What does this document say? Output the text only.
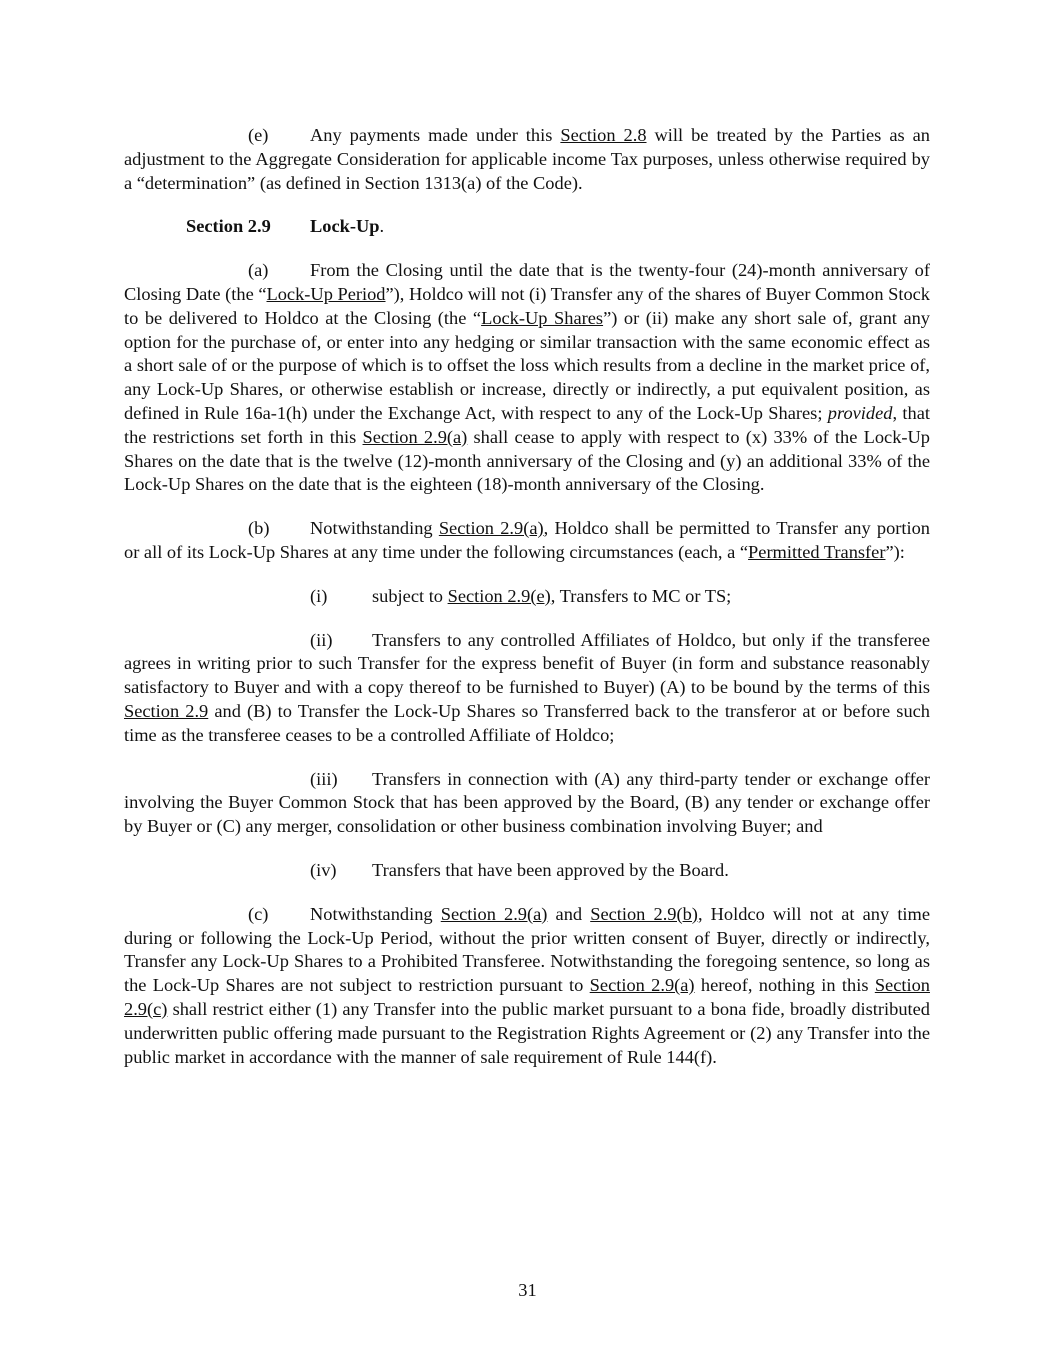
(e) Any payments made under this Section 2.8 will be treated by the Parties as an adjustment to the Aggregate Consideration for applicable income Tax purposes, unless otherwise required by a “determination” (as defined in Section 1313(a) of the Code).

Section 2.9 Lock-Up.

(a) From the Closing until the date that is the twenty-four (24)-month anniversary of Closing Date (the “Lock-Up Period”), Holdco will not (i) Transfer any of the shares of Buyer Common Stock to be delivered to Holdco at the Closing (the “Lock-Up Shares”) or (ii) make any short sale of, grant any option for the purchase of, or enter into any hedging or similar transaction with the same economic effect as a short sale of or the purpose of which is to offset the loss which results from a decline in the market price of, any Lock-Up Shares, or otherwise establish or increase, directly or indirectly, a put equivalent position, as defined in Rule 16a-1(h) under the Exchange Act, with respect to any of the Lock-Up Shares; provided, that the restrictions set forth in this Section 2.9(a) shall cease to apply with respect to (x) 33% of the Lock-Up Shares on the date that is the twelve (12)-month anniversary of the Closing and (y) an additional 33% of the Lock-Up Shares on the date that is the eighteen (18)-month anniversary of the Closing.

(b) Notwithstanding Section 2.9(a), Holdco shall be permitted to Transfer any portion or all of its Lock-Up Shares at any time under the following circumstances (each, a “Permitted Transfer”):

(i) subject to Section 2.9(e), Transfers to MC or TS;

(ii) Transfers to any controlled Affiliates of Holdco, but only if the transferee agrees in writing prior to such Transfer for the express benefit of Buyer (in form and substance reasonably satisfactory to Buyer and with a copy thereof to be furnished to Buyer) (A) to be bound by the terms of this Section 2.9 and (B) to Transfer the Lock-Up Shares so Transferred back to the transferor at or before such time as the transferee ceases to be a controlled Affiliate of Holdco;

(iii) Transfers in connection with (A) any third-party tender or exchange offer involving the Buyer Common Stock that has been approved by the Board, (B) any tender or exchange offer by Buyer or (C) any merger, consolidation or other business combination involving Buyer; and

(iv) Transfers that have been approved by the Board.

(c) Notwithstanding Section 2.9(a) and Section 2.9(b), Holdco will not at any time during or following the Lock-Up Period, without the prior written consent of Buyer, directly or indirectly, Transfer any Lock-Up Shares to a Prohibited Transferee. Notwithstanding the foregoing sentence, so long as the Lock-Up Shares are not subject to restriction pursuant to Section 2.9(a) hereof, nothing in this Section 2.9(c) shall restrict either (1) any Transfer into the public market pursuant to a bona fide, broadly distributed underwritten public offering made pursuant to the Registration Rights Agreement or (2) any Transfer into the public market in accordance with the manner of sale requirement of Rule 144(f).

31
